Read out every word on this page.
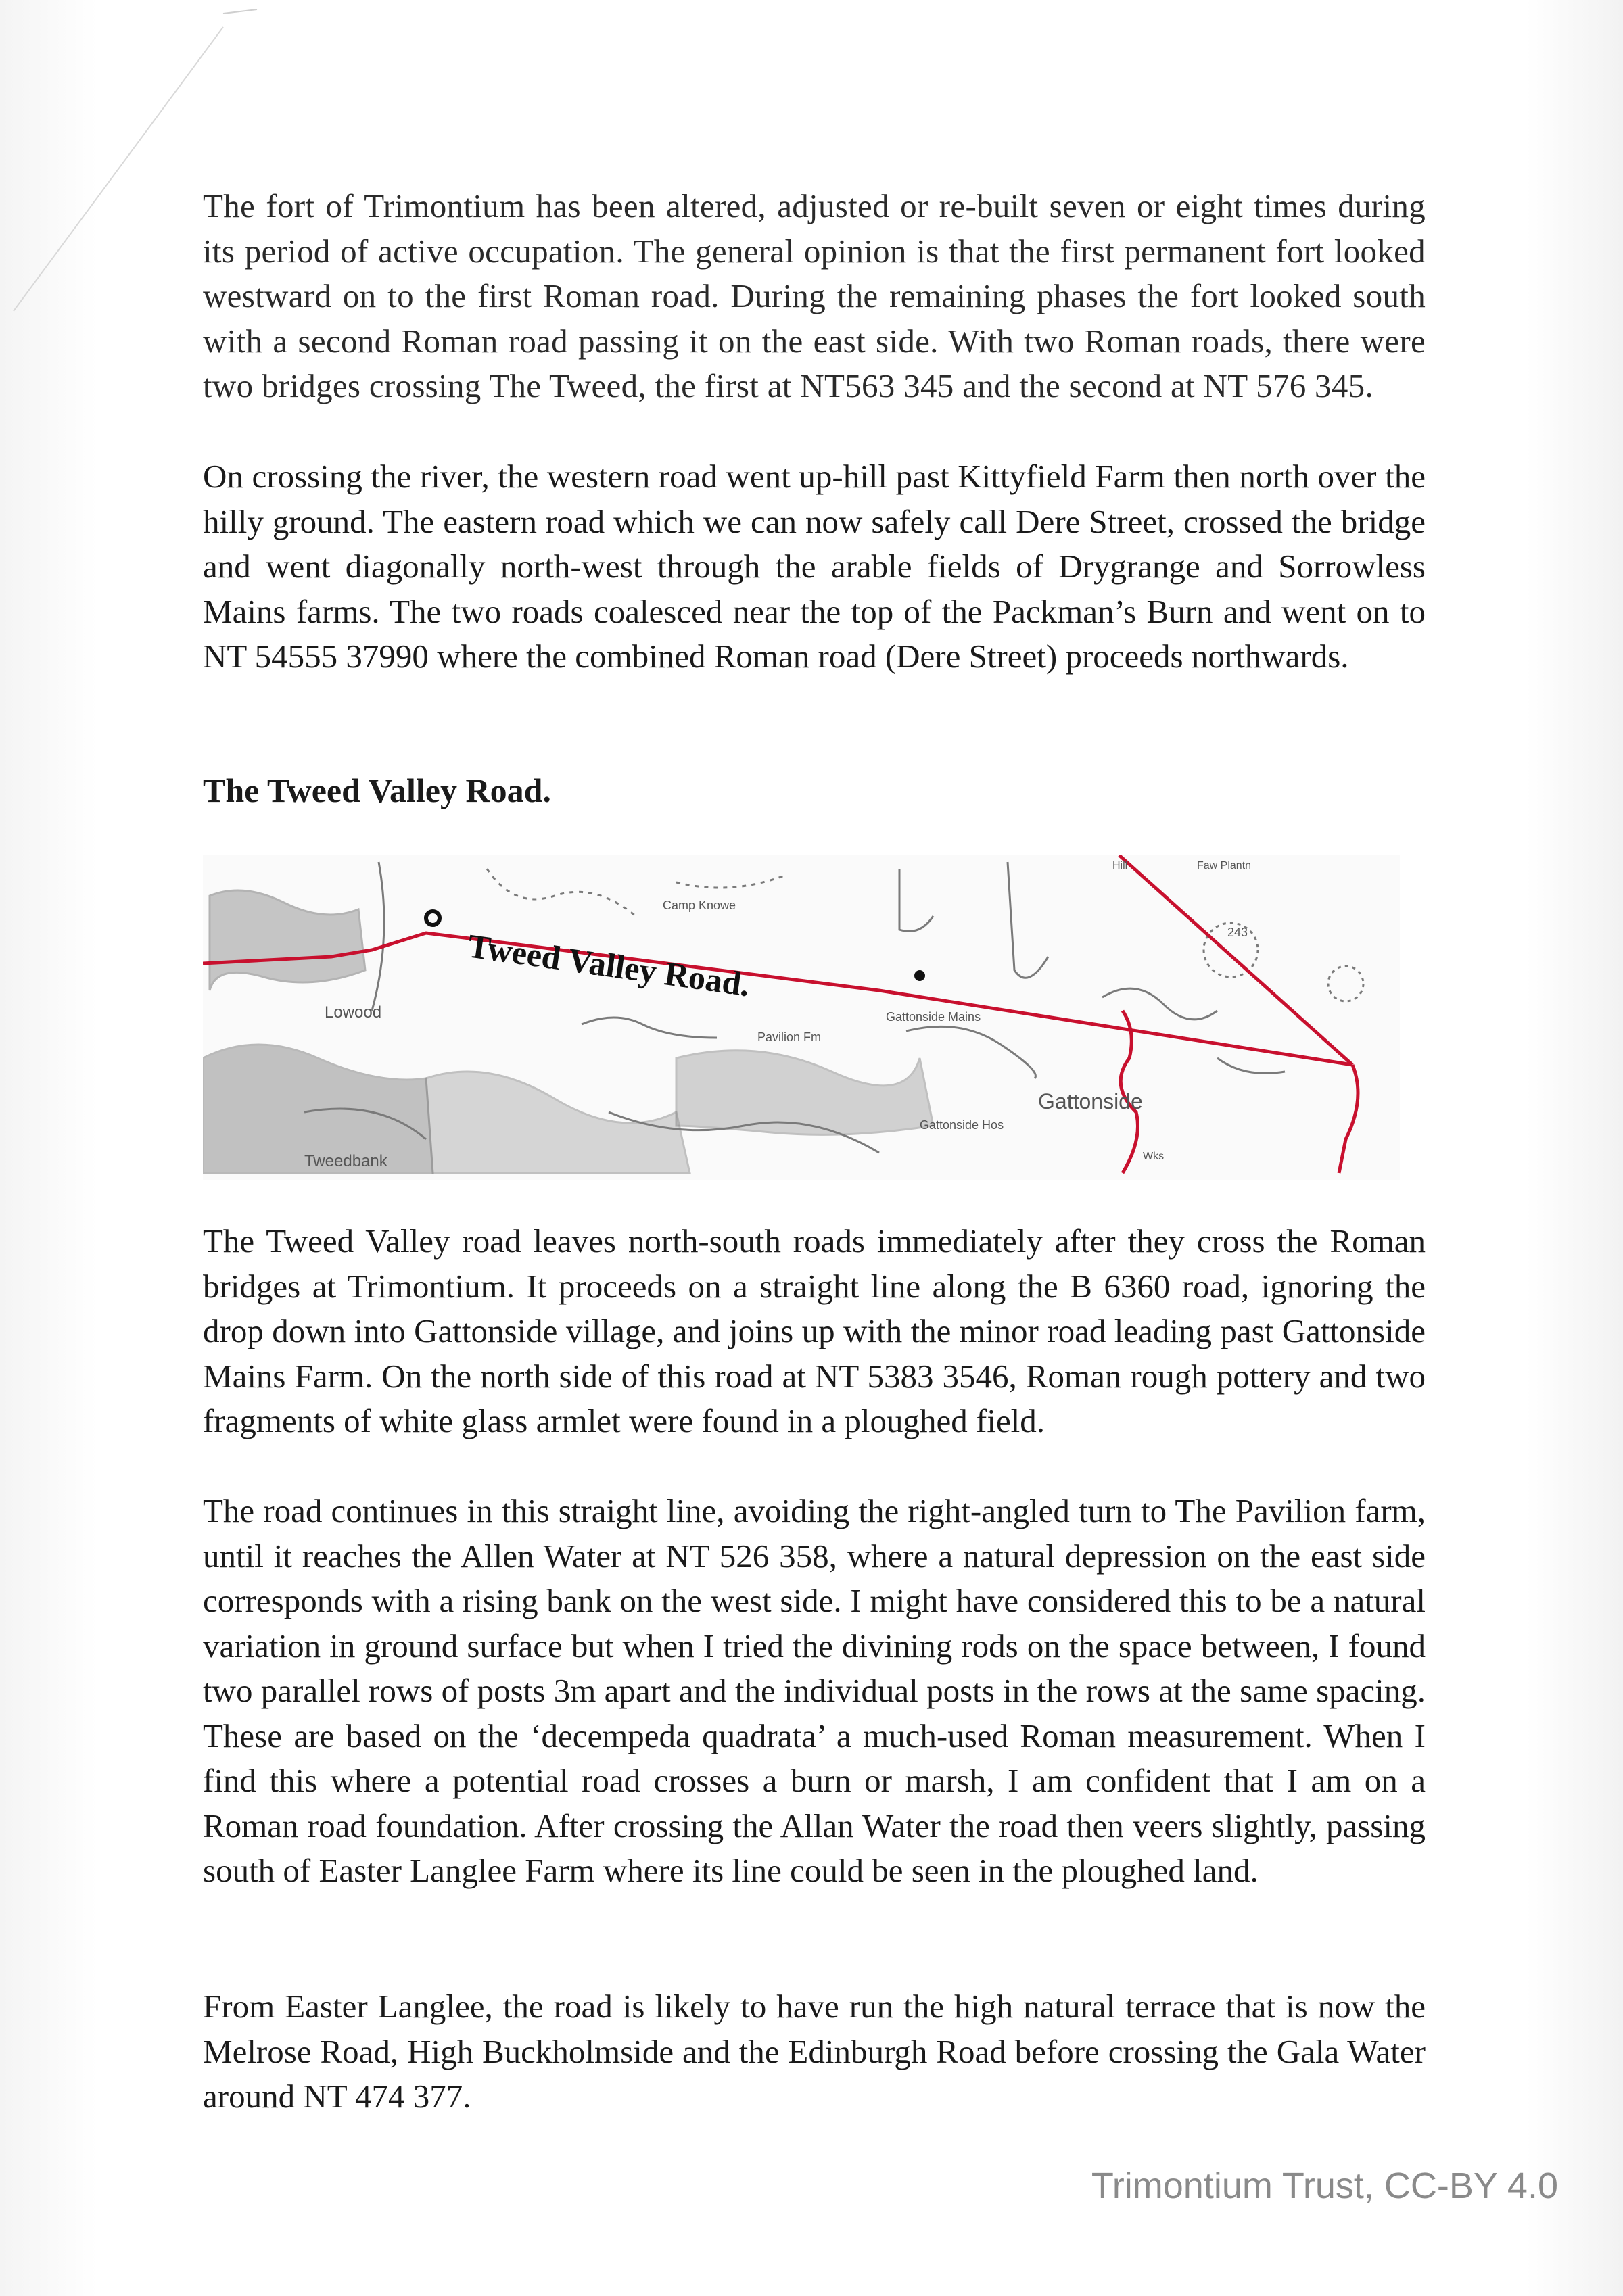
The fort of Trimontium has been altered, adjusted or re-built seven or eight times during its period of active occupation. The general opinion is that the first permanent fort looked westward on to the first Roman road. During the remaining phases the fort looked south with a second Roman road passing it on the east side. With two Roman roads, there were two bridges crossing The Tweed, the first at NT563 345 and the second at NT 576 345.

On crossing the river, the western road went up-hill past Kittyfield Farm then north over the hilly ground. The eastern road which we can now safely call Dere Street, crossed the bridge and went diagonally north-west through the arable fields of Drygrange and Sorrowless Mains farms. The two roads coalesced near the top of the Packman’s Burn and went on to NT 54555 37990 where the combined Roman road (Dere Street) proceeds northwards.

The Tweed Valley Road.
Tweed Valley Road.
Camp Knowe
Hill	Faw Plantn
243
Pavilion Fm
Gattonside Mains
Gattonside
Gattonside Hos
Tweedbank
Lowood
Wks

The Tweed Valley road leaves north-south roads immediately after they cross the Roman bridges at Trimontium. It proceeds on a straight line along the B 6360 road, ignoring the drop down into Gattonside village, and joins up with the minor road leading past Gattonside Mains Farm. On the north side of this road at NT 5383 3546, Roman rough pottery and two fragments of white glass armlet were found in a ploughed field.

The road continues in this straight line, avoiding the right-angled turn to The Pavilion farm, until it reaches the Allen Water at NT 526 358, where a natural depression on the east side corresponds with a rising bank on the west side. I might have considered this to be a natural variation in ground surface but when I tried the divining rods on the space between, I found two parallel rows of posts 3m apart and the individual posts in the rows at the same spacing. These are based on the ‘decempeda quadrata’ a much-used Roman measurement. When I find this where a potential road crosses a burn or marsh, I am confident that I am on a Roman road foundation. After crossing the Allan Water the road then veers slightly, passing south of Easter Langlee Farm where its line could be seen in the ploughed land.

From Easter Langlee, the road is likely to have run the high natural terrace that is now the Melrose Road, High Buckholmside and the Edinburgh Road before crossing the Gala Water around NT 474 377.

Trimontium Trust, CC-BY 4.0
